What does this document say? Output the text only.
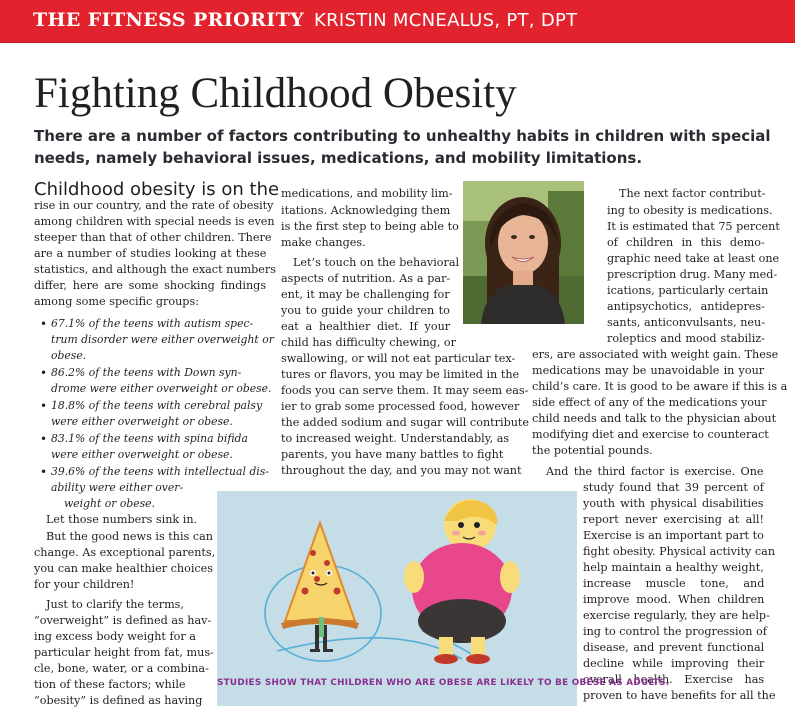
THE FITNESS PRIORITY KRISTIN MCNEALUS, PT, DPT
Fighting Childhood Obesity

There are a number of factors contributing to unhealthy habits in children with special needs, namely behavioral issues, medications, and mobility limitations.

Childhood obesity is on the
rise in our country, and the rate of obesity
among children with special needs is even
steeper than that of other children. There
are a number of studies looking at these
statistics, and although the exact numbers
differ, here are some shocking findings
among some specific groups:
• 67.1% of the teens with autism spec-
trum disorder were either overweight or
obese.
• 86.2% of the teens with Down syn-
drome were either overweight or obese.
• 18.8% of the teens with cerebral palsy
were either overweight or obese.
• 83.1% of the teens with spina bifida
were either overweight or obese.
• 39.6% of the teens with intellectual dis-
ability were either over-
weight or obese.
Let those numbers sink in.
But the good news is this can
change. As exceptional parents,
you can make healthier choices
for your children!
Just to clarify the terms,
“overweight” is defined as hav-
ing excess body weight for a
particular height from fat, mus-
cle, bone, water, or a combina-
tion of these factors; while
“obesity” is defined as having
medications, and mobility lim-
itations. Acknowledging them
is the first step to being able to
make changes.
Let’s touch on the behavioral
aspects of nutrition. As a par-
ent, it may be challenging for
you to guide your children to
eat a healthier diet. If your
child has difficulty chewing, or
swallowing, or will not eat particular tex-
tures or flavors, you may be limited in the
foods you can serve them. It may seem eas-
ier to grab some processed food, however
the added sodium and sugar will contribute
to increased weight. Understandably, as
parents, you have many battles to fight
throughout the day, and you may not want
The next factor contribut-
ing to obesity is medications.
It is estimated that 75 percent
of children in this demo-
graphic need take at least one
prescription drug. Many med-
ications, particularly certain
antipsychotics, antidepres-
sants, anticonvulsants, neu-
roleptics and mood stabiliz-
ers, are associated with weight gain. These
medications may be unavoidable in your
child’s care. It is good to be aware if this is a
side effect of any of the medications your
child needs and talk to the physician about
modifying diet and exercise to counteract
the potential pounds.
And the third factor is exercise. One
study found that 39 percent of
youth with physical disabilities
report never exercising at all!
Exercise is an important part to
fight obesity. Physical activity can
help maintain a healthy weight,
increase muscle tone, and
improve mood. When children
exercise regularly, they are help-
ing to control the progression of
disease, and prevent functional
decline while improving their
overall health. Exercise has
proven to have benefits for all the
STUDIES SHOW THAT CHILDREN WHO ARE OBESE ARE LIKELY TO BE OBESE AS ADULTS.
